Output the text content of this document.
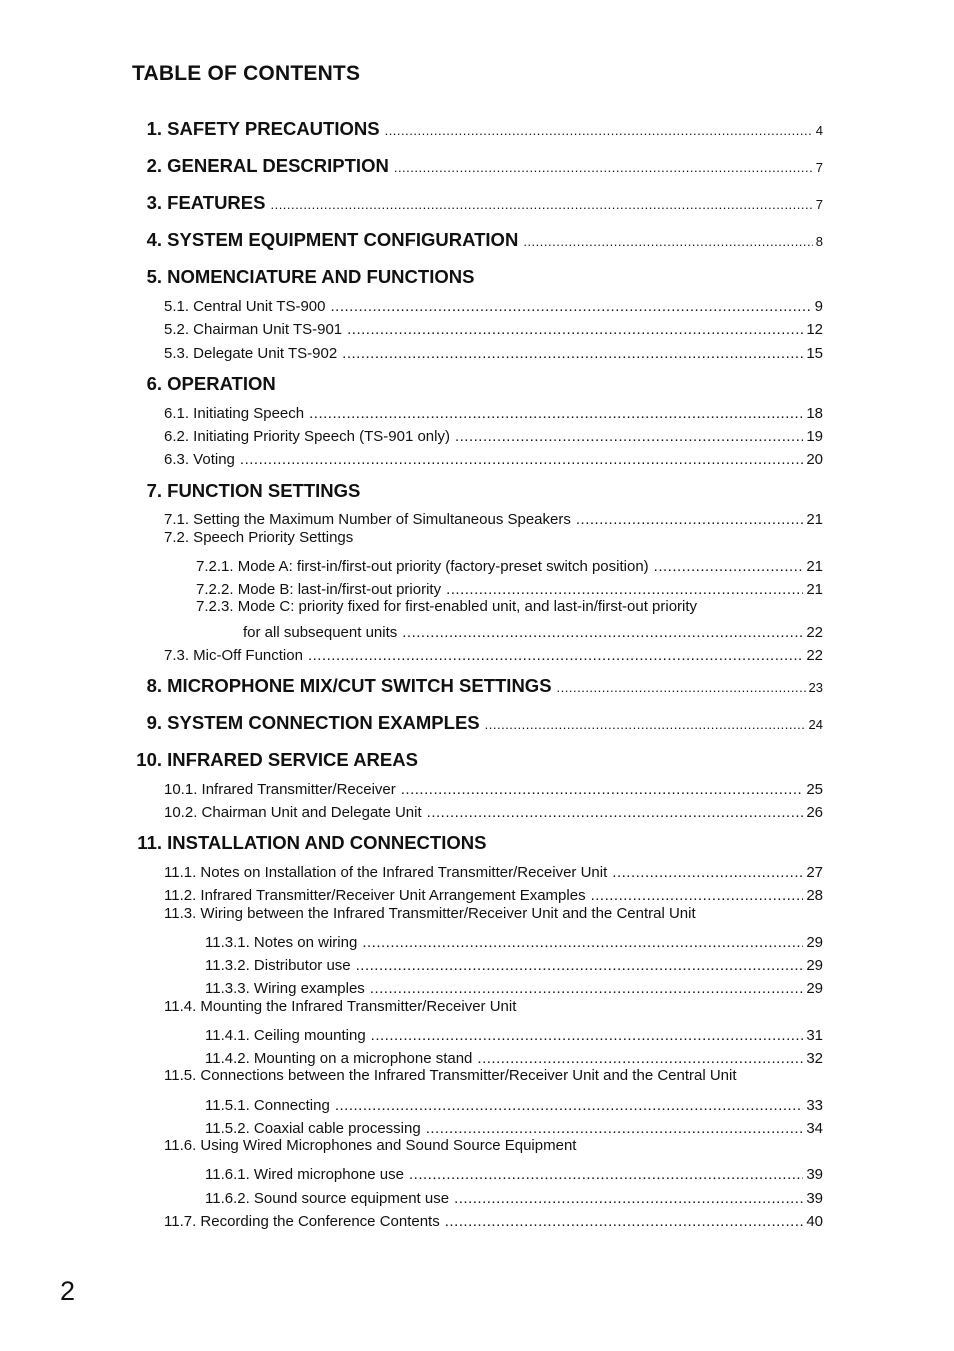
TABLE OF CONTENTS
1. SAFETY PRECAUTIONS .....	4
2. GENERAL DESCRIPTION .....	7
3. FEATURES .....	7
4. SYSTEM EQUIPMENT CONFIGURATION .....	8
5. NOMENCIATURE AND FUNCTIONS
5.1. Central Unit TS-900 .....	9
5.2. Chairman Unit TS-901 .....	12
5.3. Delegate Unit TS-902 .....	15
6. OPERATION
6.1. Initiating Speech .....	18
6.2. Initiating Priority Speech (TS-901 only) .....	19
6.3. Voting .....	20
7. FUNCTION SETTINGS
7.1. Setting the Maximum Number of Simultaneous Speakers .....	21
7.2. Speech Priority Settings
7.2.1. Mode A: first-in/first-out priority (factory-preset switch position) .....	21
7.2.2. Mode B: last-in/first-out priority .....	21
7.2.3. Mode C: priority fixed for first-enabled unit, and last-in/first-out priority
for all subsequent units .....	22
7.3. Mic-Off Function .....	22
8. MICROPHONE MIX/CUT SWITCH SETTINGS .....	23
9. SYSTEM CONNECTION EXAMPLES .....	24
10. INFRARED SERVICE AREAS
10.1. Infrared Transmitter/Receiver .....	25
10.2. Chairman Unit and Delegate Unit .....	26
11. INSTALLATION AND CONNECTIONS
11.1. Notes on Installation of the Infrared Transmitter/Receiver Unit .....	27
11.2. Infrared Transmitter/Receiver Unit Arrangement Examples .....	28
11.3. Wiring between the Infrared Transmitter/Receiver Unit and the Central Unit
11.3.1. Notes on wiring .....	29
11.3.2. Distributor use .....	29
11.3.3. Wiring examples .....	29
11.4. Mounting the Infrared Transmitter/Receiver Unit
11.4.1. Ceiling mounting .....	31
11.4.2. Mounting on a microphone stand .....	32
11.5. Connections between the Infrared Transmitter/Receiver Unit and the Central Unit
11.5.1. Connecting .....	33
11.5.2. Coaxial cable processing .....	34
11.6. Using Wired Microphones and Sound Source Equipment
11.6.1. Wired microphone use .....	39
11.6.2. Sound source equipment use .....	39
11.7. Recording the Conference Contents .....	40
2
